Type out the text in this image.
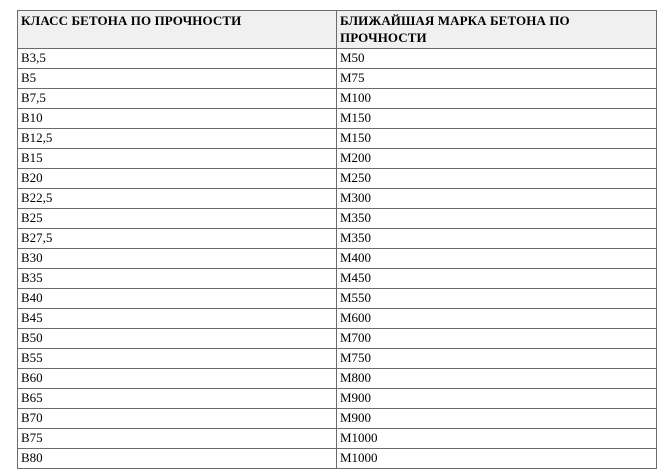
КЛАСС БЕТОНА ПО ПРОЧНОСТИ	БЛИЖАЙШАЯ МАРКА БЕТОНА ПО ПРОЧНОСТИ
В3,5	М50
В5	М75
В7,5	М100
В10	М150
В12,5	М150
В15	М200
В20	М250
В22,5	М300
В25	М350
В27,5	М350
В30	М400
В35	М450
В40	М550
В45	М600
В50	М700
В55	М750
В60	М800
В65	М900
В70	М900
В75	М1000
В80	М1000
